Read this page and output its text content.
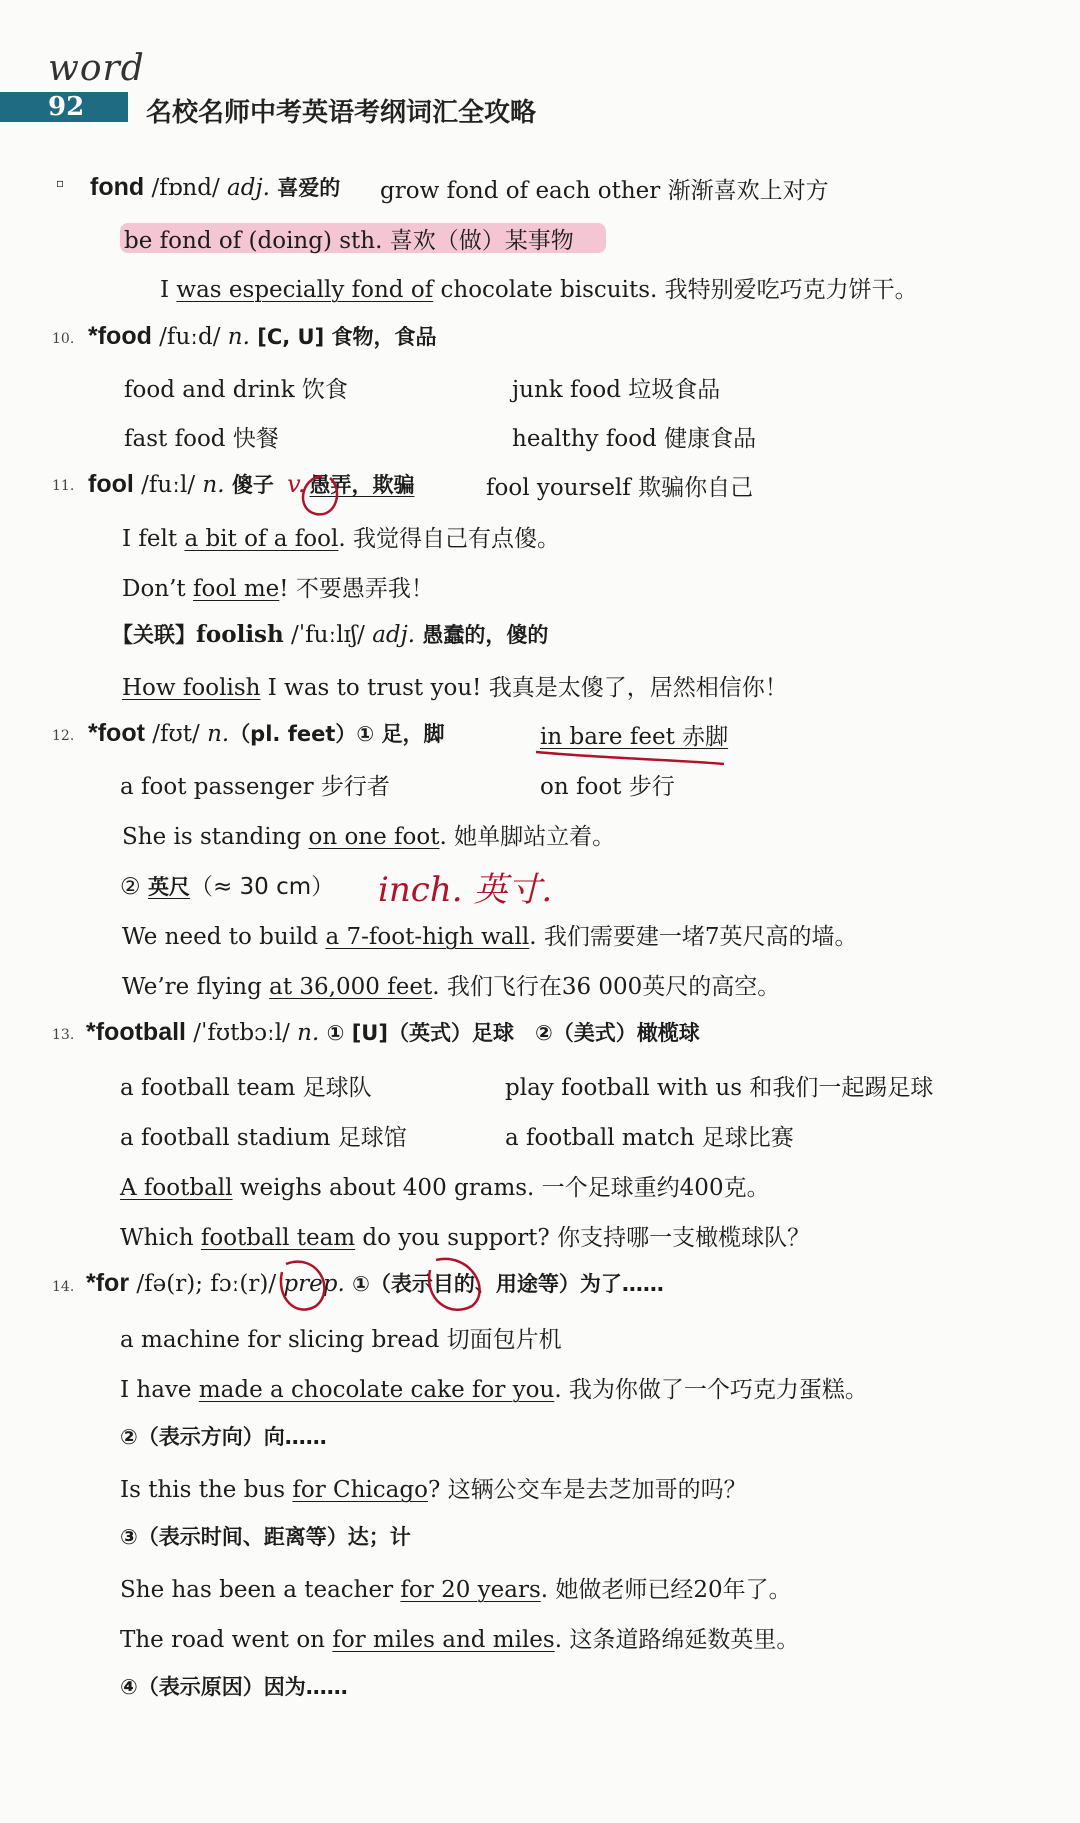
word
92 名校名师中考英语考纲词汇全攻略
▫ fond /fɒnd/ adj. 喜爱的 grow fond of each other 渐渐喜欢上对方
be fond of (doing) sth. 喜欢（做）某事物
I was especially fond of chocolate biscuits. 我特别爱吃巧克力饼干。
10. *food /fuːd/ n. [C, U] 食物，食品
food and drink 饮食	junk food 垃圾食品
fast food 快餐	healthy food 健康食品
11. fool /fuːl/ n. 傻子 v. 愚弄，欺骗	fool yourself 欺骗你自己
I felt a bit of a fool. 我觉得自己有点傻。
Don’t fool me! 不要愚弄我！
【关联】foolish /ˈfuːlɪʃ/ adj. 愚蠢的，傻的
How foolish I was to trust you! 我真是太傻了，居然相信你！
12. *foot /fʊt/ n.（pl. feet）① 足，脚	in bare feet 赤脚
a foot passenger 步行者	on foot 步行
She is standing on one foot. 她单脚站立着。
② 英尺（≈ 30 cm） inch. 英寸.
We need to build a 7-foot-high wall. 我们需要建一堵7英尺高的墙。
We’re flying at 36,000 feet. 我们飞行在36 000英尺的高空。
13. *football /ˈfʊtbɔːl/ n. ① [U]（英式）足球　②（美式）橄榄球
a football team 足球队	play football with us 和我们一起踢足球
a football stadium 足球馆	a football match 足球比赛
A football weighs about 400 grams. 一个足球重约400克。
Which football team do you support? 你支持哪一支橄榄球队？
14. *for /fə(r); fɔː(r)/ prep. ①（表示目的、用途等）为了……
a machine for slicing bread 切面包片机
I have made a chocolate cake for you. 我为你做了一个巧克力蛋糕。
②（表示方向）向……
Is this the bus for Chicago? 这辆公交车是去芝加哥的吗？
③（表示时间、距离等）达；计
She has been a teacher for 20 years. 她做老师已经20年了。
The road went on for miles and miles. 这条道路绵延数英里。
④（表示原因）因为……
